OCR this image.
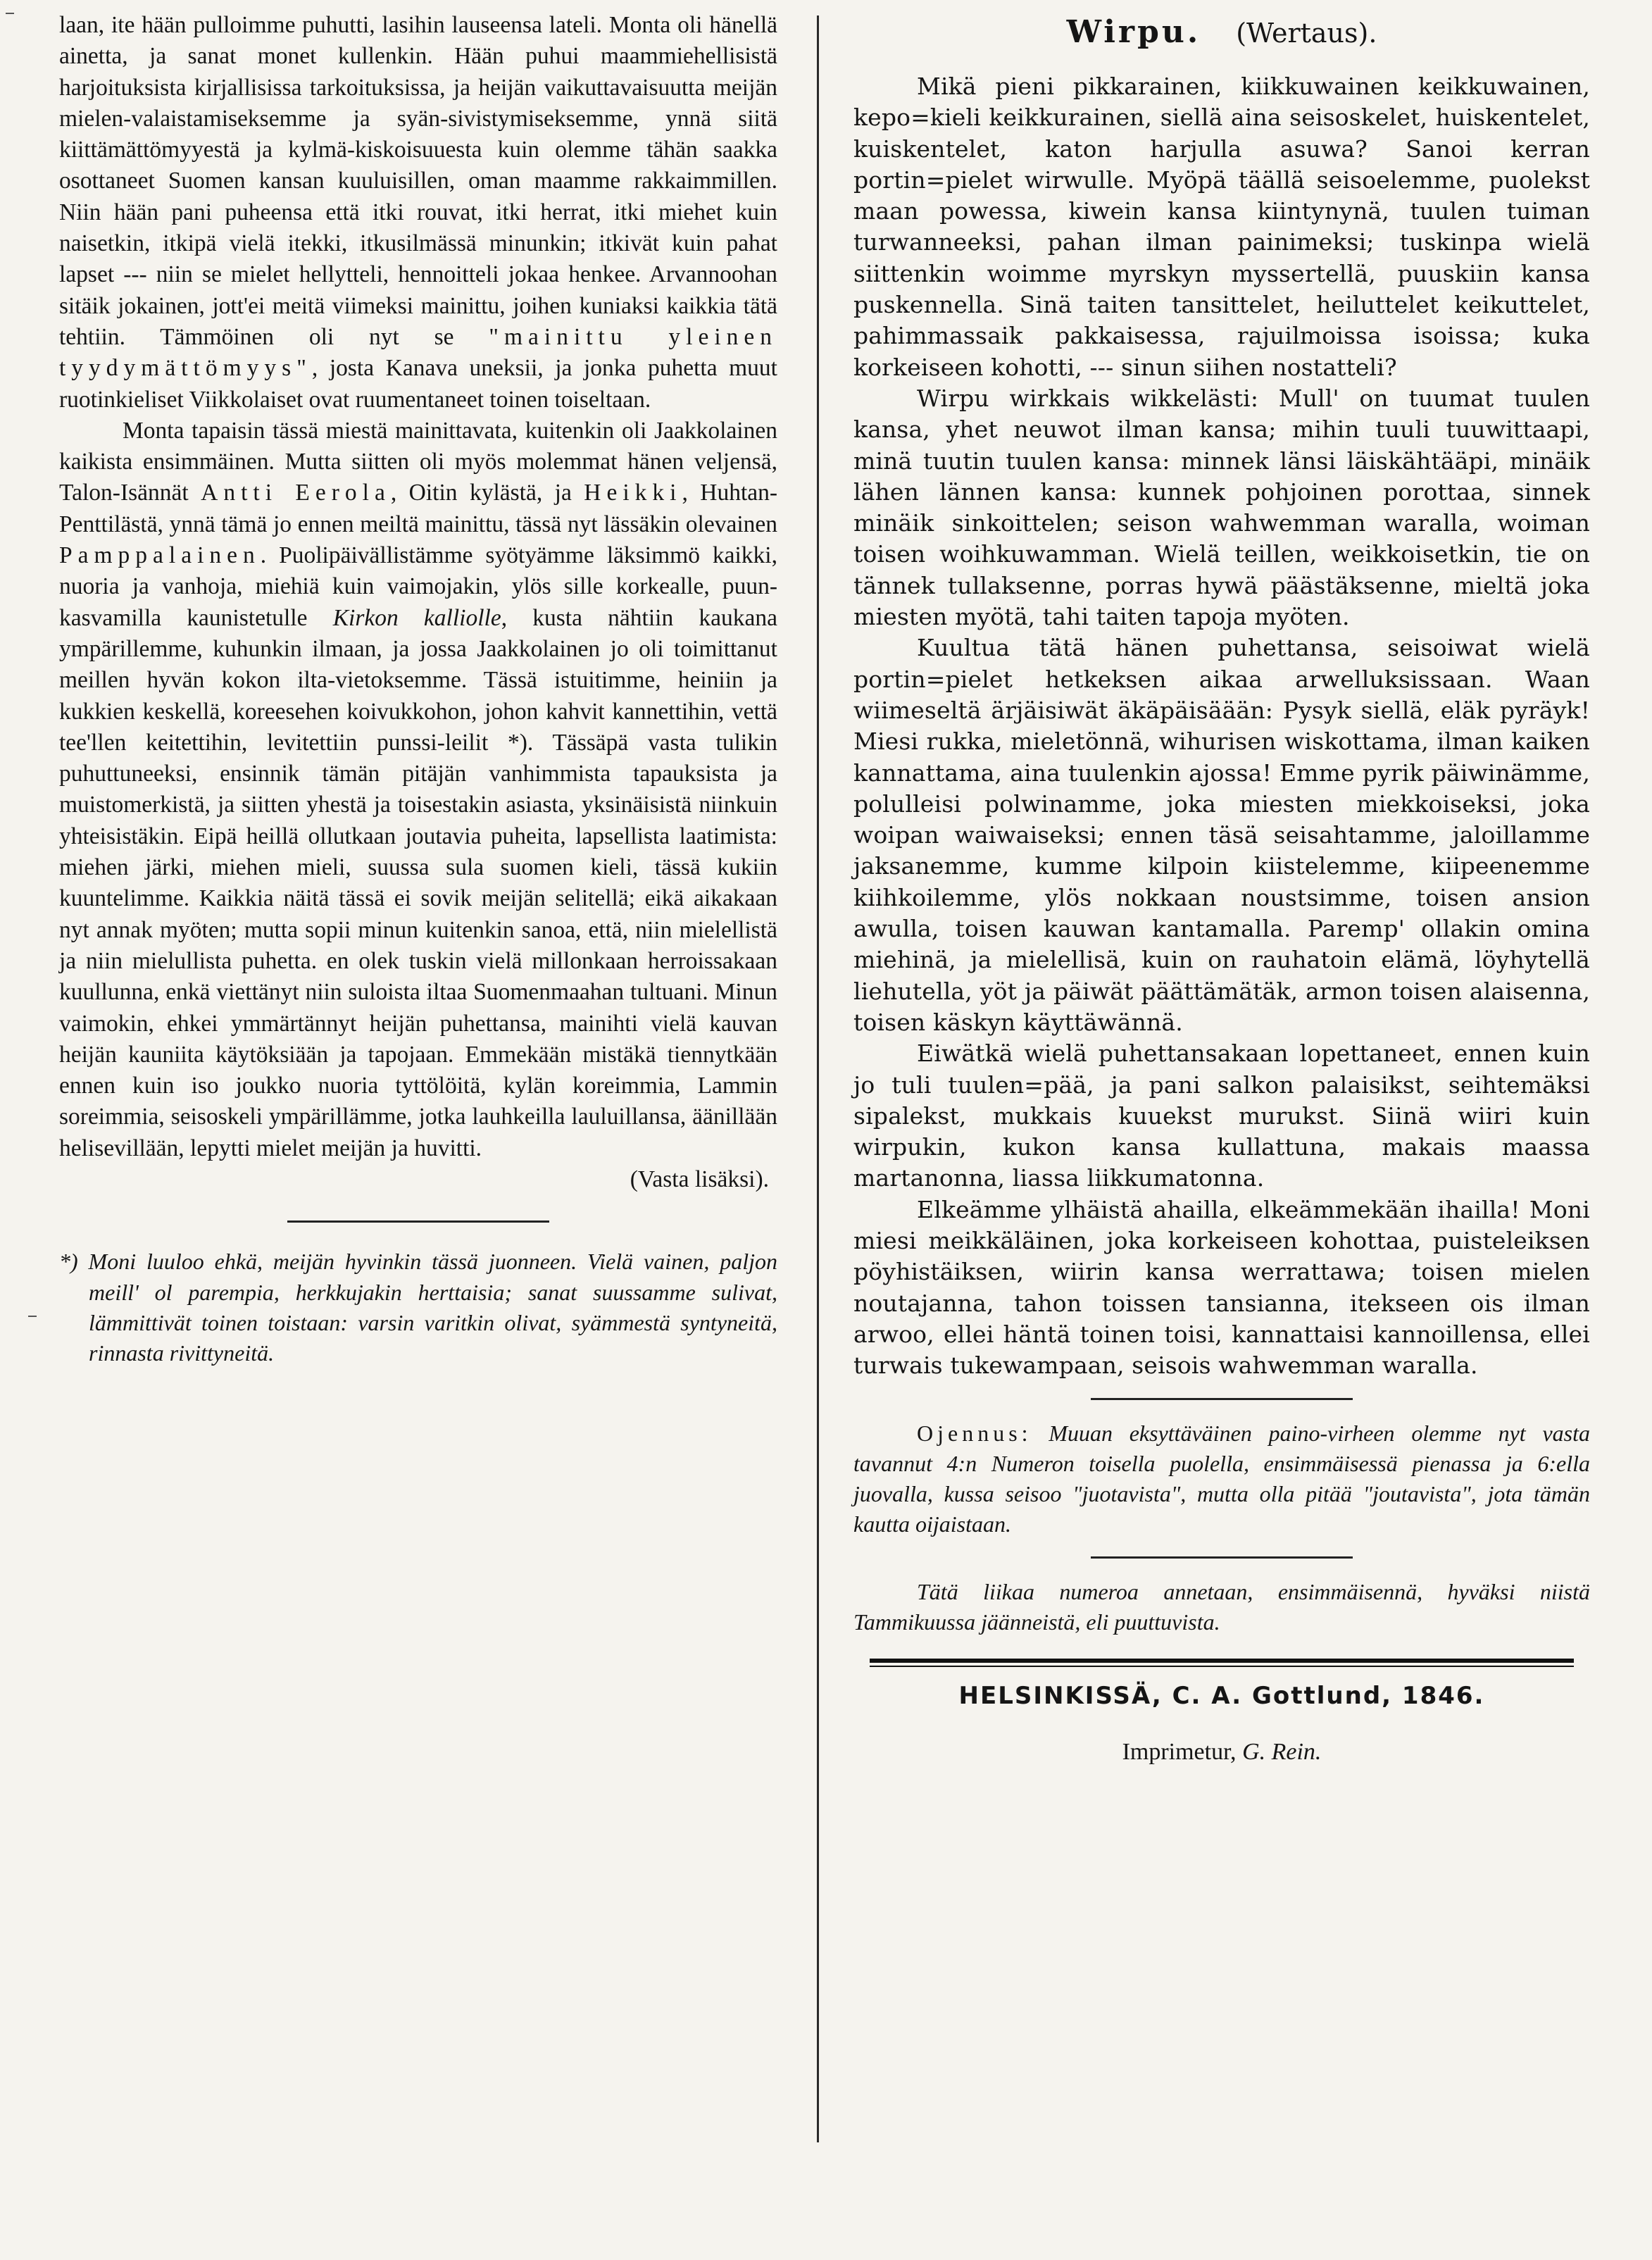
laan, ite hään pulloimme puhutti, lasihin lauseensa lateli. Monta oli hänellä ainetta, ja sanat monet kullenkin. Hään puhui maammiehellisistä harjoituksista kirjallisissa tarkoituksissa, ja heijän vaikuttavaisuutta meijän mielen-valaistamiseksemme ja syän-sivistymiseksemme, ynnä siitä kiittämättömyyestä ja kylmä-kiskoisuuesta kuin olemme tähän saakka osottaneet Suomen kansan kuuluisillen, oman maamme rakkaimmillen. Niin hään pani puheensa että itki rouvat, itki herrat, itki miehet kuin naisetkin, itkipä vielä itekki, itkusilmässä minunkin; itkivät kuin pahat lapset --- niin se mielet hellytteli, hennoitteli jokaa henkee. Arvannoohan sitäik jokainen, jott'ei meitä viimeksi mainittu, joihen kuniaksi kaikkia tätä tehtiin. Tämmöinen oli nyt se "mainittu yleinen tyydymättömyys", josta Kanava uneksii, ja jonka puhetta muut ruotinkieliset Viikkolaiset ovat ruumentaneet toinen toiseltaan.

Monta tapaisin tässä miestä mainittavata, kuitenkin oli Jaakkolainen kaikista ensimmäinen. Mutta siitten oli myös molemmat hänen veljensä, Talon-Isännät Antti Eerola, Oitin kylästä, ja Heikki, Huhtan-Penttilästä, ynnä tämä jo ennen meiltä mainittu, tässä nyt lässäkin olevainen Pamppalainen. Puolipäivällistämme syötyämme läksimmö kaikki, nuoria ja vanhoja, miehiä kuin vaimojakin, ylös sille korkealle, puun-kasvamilla kaunistetulle Kirkon kalliolle, kusta nähtiin kaukana ympärillemme, kuhunkin ilmaan, ja jossa Jaakkolainen jo oli toimittanut meillen hyvän kokon ilta-vietoksemme. Tässä istuitimme, heiniin ja kukkien keskellä, koreesehen koivukkohon, johon kahvit kannettihin, vettä tee'llen keitettihin, levitettiin punssi-leilit *). Tässäpä vasta tulikin puhuttuneeksi, ensinnik tämän pitäjän vanhimmista tapauksista ja muistomerkistä, ja siitten yhestä ja toisestakin asiasta, yksinäisistä niinkuin yhteisistäkin. Eipä heillä ollutkaan joutavia puheita, lapsellista laatimista: miehen järki, miehen mieli, suussa sula suomen kieli, tässä kukiin kuuntelimme. Kaikkia näitä tässä ei sovik meijän selitellä; eikä aikakaan nyt annak myöten; mutta sopii minun kuitenkin sanoa, että, niin mielellistä ja niin mielullista puhetta. en olek tuskin vielä millonkaan herroissakaan kuullunna, enkä viettänyt niin suloista iltaa Suomenmaahan tultuani. Minun vaimokin, ehkei ymmärtännyt heijän puhettansa, mainihti vielä kauvan heijän kauniita käytöksiään ja tapojaan. Emmekään mistäkä tiennytkään ennen kuin iso joukko nuoria tyttölöitä, kylän koreimmia, Lammin soreimmia, seisoskeli ympärillämme, jotka lauhkeilla lauluillansa, äänillään helisevillään, lepytti mielet meijän ja huvitti.

(Vasta lisäksi).

*) Moni luuloo ehkä, meijän hyvinkin tässä juonneen. Vielä vainen, paljon meill' ol parempia, herkkujakin herttaisia; sanat suussamme sulivat, lämmittivät toinen toistaan: varsin varitkin olivat, syämmestä syntyneitä, rinnasta rivittyneitä.

Wirpu. (Wertaus).

Mikä pieni pikkarainen, kiikkuwainen keikkuwainen, kepo=kieli keikkurainen, siellä aina seisoskelet, huiskentelet, kuiskentelet, katon harjulla asuwa? Sanoi kerran portin=pielet wirwulle. Myöpä täällä seisoelemme, puolekst maan powessa, kiwein kansa kiintynynä, tuulen tuiman turwanneeksi, pahan ilman painimeksi; tuskinpa wielä siittenkin woimme myrskyn myssertellä, puuskiin kansa puskennella. Sinä taiten tansittelet, heiluttelet keikuttelet, pahimmassaik pakkaisessa, rajuilmoissa isoissa; kuka korkeiseen kohotti, --- sinun siihen nostatteli?

Wirpu wirkkais wikkelästi: Mull' on tuumat tuulen kansa, yhet neuwot ilman kansa; mihin tuuli tuuwittaapi, minä tuutin tuulen kansa: minnek länsi läiskähtääpi, minäik lähen lännen kansa: kunnek pohjoinen porottaa, sinnek minäik sinkoittelen; seison wahwemman waralla, woiman toisen woihkuwamman. Wielä teillen, weikkoisetkin, tie on tännek tullaksenne, porras hywä päästäksenne, mieltä joka miesten myötä, tahi taiten tapoja myöten.

Kuultua tätä hänen puhettansa, seisoiwat wielä portin=pielet hetkeksen aikaa arwelluksissaan. Waan wiimeseltä ärjäisiwät äkäpäisäään: Pysyk siellä, eläk pyräyk! Miesi rukka, mieletönnä, wihurisen wiskottama, ilman kaiken kannattama, aina tuulenkin ajossa! Emme pyrik päiwinämme, polulleisi polwinamme, joka miesten miekkoiseksi, joka woipan waiwaiseksi; ennen täsä seisahtamme, jaloillamme jaksanemme, kumme kilpoin kiistelemme, kiipeenemme kiihkoilemme, ylös nokkaan noustsimme, toisen ansion awulla, toisen kauwan kantamalla. Paremp' ollakin omina miehinä, ja mielellisä, kuin on rauhatoin elämä, löyhytellä liehutella, yöt ja päiwät päättämätäk, armon toisen alaisenna, toisen käskyn käyttäwännä.

Eiwätkä wielä puhettansakaan lopettaneet, ennen kuin jo tuli tuulen=pää, ja pani salkon palaisikst, seihtemäksi sipalekst, mukkais kuuekst murukst. Siinä wiiri kuin wirpukin, kukon kansa kullattuna, makais maassa martanonna, liassa liikkumatonna.

Elkeämme ylhäistä ahailla, elkeämmekään ihailla! Moni miesi meikkäläinen, joka korkeiseen kohottaa, puisteleiksen pöyhistäiksen, wiirin kansa werrattawa; toisen mielen noutajanna, tahon toissen tansianna, itekseen ois ilman arwoo, ellei häntä toinen toisi, kannattaisi kannoillensa, ellei turwais tukewampaan, seisois wahwemman waralla.

Ojennus: Muuan eksyttäväinen paino-virheen olemme nyt vasta tavannut 4:n Numeron toisella puolella, ensimmäisessä pienassa ja 6:ella juovalla, kussa seisoo "juotavista", mutta olla pitää "joutavista", jota tämän kautta oijaistaan.

Tätä liikaa numeroa annetaan, ensimmäisennä, hyväksi niistä Tammikuussa jäänneistä, eli puuttuvista.

HELSINKISSÄ, C. A. Gottlund, 1846.

Imprimetur, G. Rein.
